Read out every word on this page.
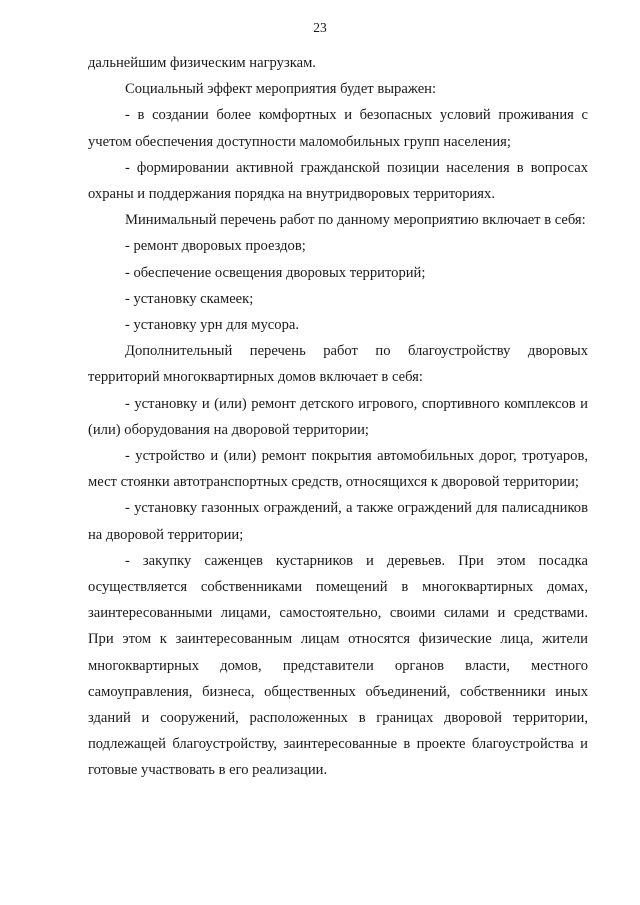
23

дальнейшим физическим нагрузкам.

Социальный эффект мероприятия будет выражен:

- в создании более комфортных и безопасных условий проживания с учетом обеспечения доступности маломобильных групп населения;

- формировании активной гражданской позиции населения в вопросах охраны и поддержания порядка на внутридворовых территориях.

Минимальный перечень работ по данному мероприятию включает в себя:

- ремонт дворовых проездов;

- обеспечение освещения дворовых территорий;

- установку скамеек;

- установку урн для мусора.

Дополнительный перечень работ по благоустройству дворовых территорий многоквартирных домов включает в себя:

- установку и (или) ремонт детского игрового, спортивного комплексов и (или) оборудования на дворовой территории;

- устройство и (или) ремонт покрытия автомобильных дорог, тротуаров, мест стоянки автотранспортных средств, относящихся к дворовой территории;

- установку газонных ограждений, а также ограждений для палисадников на дворовой территории;

- закупку саженцев кустарников и деревьев. При этом посадка осуществляется собственниками помещений в многоквартирных домах, заинтересованными лицами, самостоятельно, своими силами и средствами. При этом к заинтересованным лицам относятся физические лица, жители многоквартирных домов, представители органов власти, местного самоуправления, бизнеса, общественных объединений, собственники иных зданий и сооружений, расположенных в границах дворовой территории, подлежащей благоустройству, заинтересованные в проекте благоустройства и готовые участвовать в его реализации.
